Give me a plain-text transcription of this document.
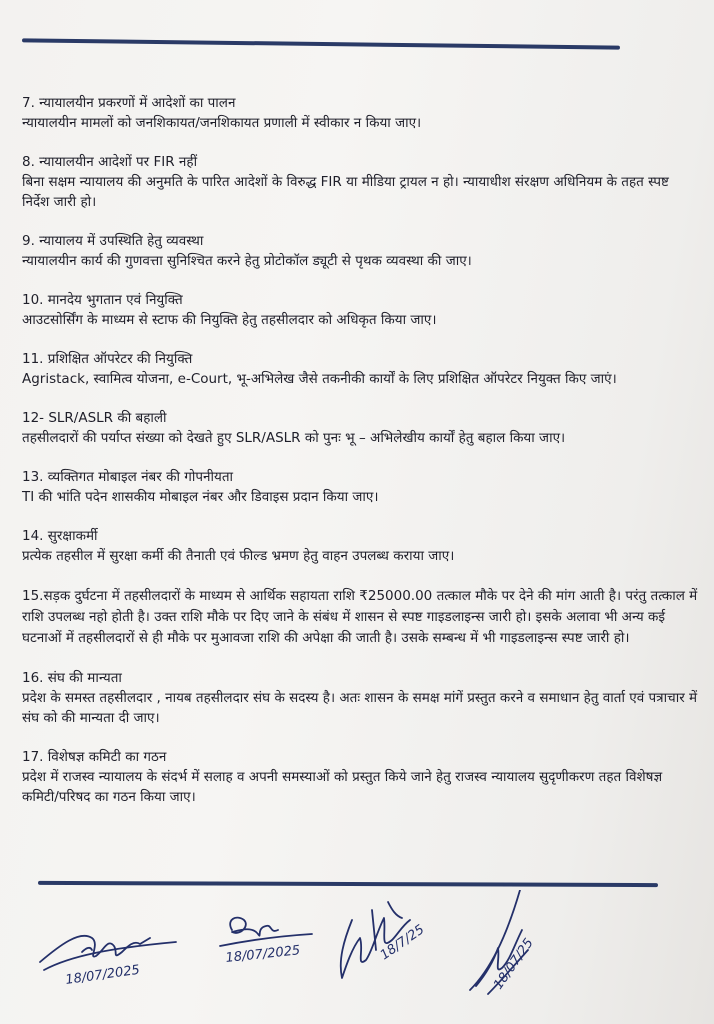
7. न्यायालयीन प्रकरणों में आदेशों का पालन

न्यायालयीन मामलों को जनशिकायत/जनशिकायत प्रणाली में स्वीकार न किया जाए।

8. न्यायालयीन आदेशों पर FIR नहीं

बिना सक्षम न्यायालय की अनुमति के पारित आदेशों के विरुद्ध FIR या मीडिया ट्रायल न हो। न्यायाधीश संरक्षण अधिनियम के तहत स्पष्ट निर्देश जारी हो।

9. न्यायालय में उपस्थिति हेतु व्यवस्था

न्यायालयीन कार्य की गुणवत्ता सुनिश्चित करने हेतु प्रोटोकॉल ड्यूटी से पृथक व्यवस्था की जाए।

10. मानदेय भुगतान एवं नियुक्ति

आउटसोर्सिंग के माध्यम से स्टाफ की नियुक्ति हेतु तहसीलदार को अधिकृत किया जाए।

11. प्रशिक्षित ऑपरेटर की नियुक्ति

Agristack, स्वामित्व योजना, e-Court, भू-अभिलेख जैसे तकनीकी कार्यों के लिए प्रशिक्षित ऑपरेटर नियुक्त किए जाएं।

12- SLR/ASLR की बहाली

तहसीलदारों की पर्याप्त संख्या को देखते हुए SLR/ASLR को पुनः भू – अभिलेखीय कार्यों हेतु बहाल किया जाए।

13. व्यक्तिगत मोबाइल नंबर की गोपनीयता

TI की भांति पदेन शासकीय मोबाइल नंबर और डिवाइस प्रदान किया जाए।

14. सुरक्षाकर्मी

प्रत्येक तहसील में सुरक्षा कर्मी की तैनाती एवं फील्ड भ्रमण हेतु वाहन उपलब्ध कराया जाए।

15.सड़क दुर्घटना में तहसीलदारों के माध्यम से आर्थिक सहायता राशि ₹25000.00 तत्काल मौके पर देने की मांग आती है। परंतु तत्काल में राशि उपलब्ध नहो होती है। उक्त राशि मौके पर दिए जाने के संबंध में शासन से स्पष्ट गाइडलाइन्स जारी हो। इसके अलावा भी अन्य कई घटनाओं में तहसीलदारों से ही मौके पर मुआवजा राशि की अपेक्षा की जाती है। उसके सम्बन्ध में भी गाइडलाइन्स स्पष्ट जारी हो।

16. संघ की मान्यता

प्रदेश के समस्त तहसीलदार , नायब तहसीलदार संघ के सदस्य है। अतः शासन के समक्ष मांगें प्रस्तुत करने व समाधान हेतु वार्ता एवं पत्राचार में संघ को की मान्यता दी जाए।

17. विशेषज्ञ कमिटी का गठन

प्रदेश में राजस्व न्यायालय के संदर्भ में सलाह व अपनी समस्याओं को प्रस्तुत किये जाने हेतु राजस्व न्यायालय सुदृणीकरण तहत विशेषज्ञ कमिटी/परिषद का गठन किया जाए।

18/07/2025
18/07/2025	18/7/25	18/07/25
